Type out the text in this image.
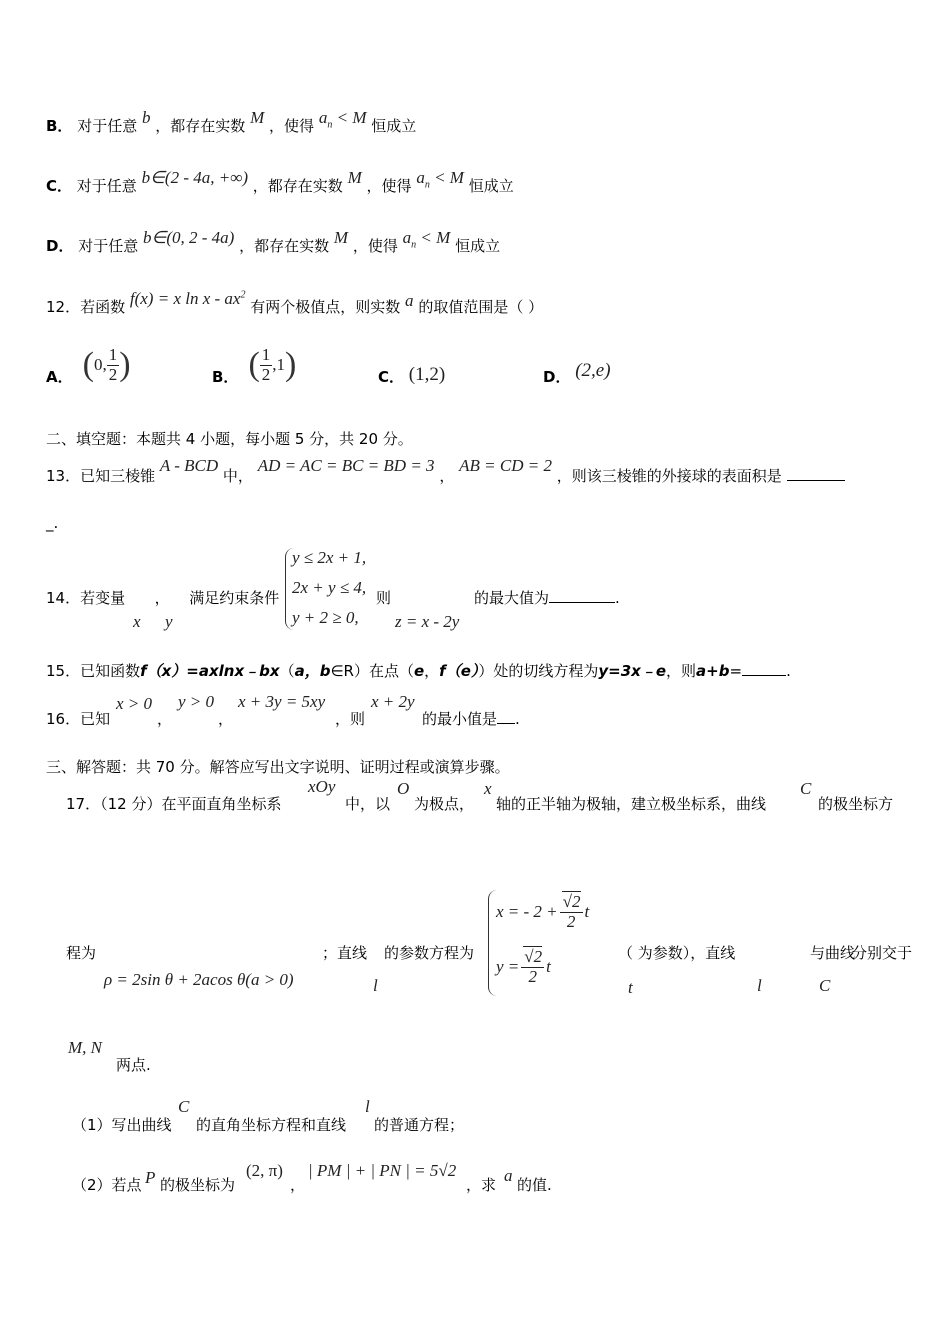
B． 对于任意 b ，都存在实数 M ，使得 $a_n < M$ 恒成立
C． 对于任意 b∈(2 - 4a, +∞) ，都存在实数 M ，使得 $a_n < M$ 恒成立
D． 对于任意 b∈(0, 2 - 4a) ，都存在实数 M ，使得 $a_n < M$ 恒成立
12．若函数 f(x) = x ln x - $ax^2$ 有两个极值点，则实数 a 的取值范围是（ ）
A． ( 0, $\frac{1}{2}$ )	B． ( $\frac{1}{2} ,1$ )	C． (1,2)	D． (2,e)
二、填空题：本题共 4 小题，每小题 5 分，共 20 分。
13．已知三棱锥 A - BCD 中， AD = AC = BC = BD = 3 ， AB = CD = 2 ，则该三棱锥的外接球的表面积是
_.
14．若变量 ， 满足约束条件
x y
y ≤ 2x + 1,
2x + y ≤ 4,
y + 2 ≥ 0,
则
z = x - 2y
的最大值为	.
15．已知函数f（x）=axlnx﹣bx（a，b∈R）在点（e，f（e））处的切线方程为y=3x﹣e，则a+b=	.
16．已知
x > 0
，
y > 0
，
x + 3y = 5xy
，则
x + 2y
的最小值是 .
三、解答题：共 70 分。解答应写出文字说明、证明过程或演算步骤。
17．（12 分）在平面直角坐标系
xOy
中，以
O
为极点，
x
轴的正半轴为极轴，建立极坐标系，曲线
C
的极坐标方
程为
ρ = 2sin θ + 2acos θ(a > 0)
；直线
l
的参数方程为
x = - $2 + \frac{√2}{2}$ t
$y = \frac{√2}{2}$ t
（ 为参数），直线
t
与曲线
l	C
分别交于
M, N
两点.
（1）写出曲线
C
的直角坐标方程和直线
l
的普通方程；
（2）若点 P 的极坐标为
(2, π)
，
| PM | + | PN | = 5√2
，求 a 的值.
